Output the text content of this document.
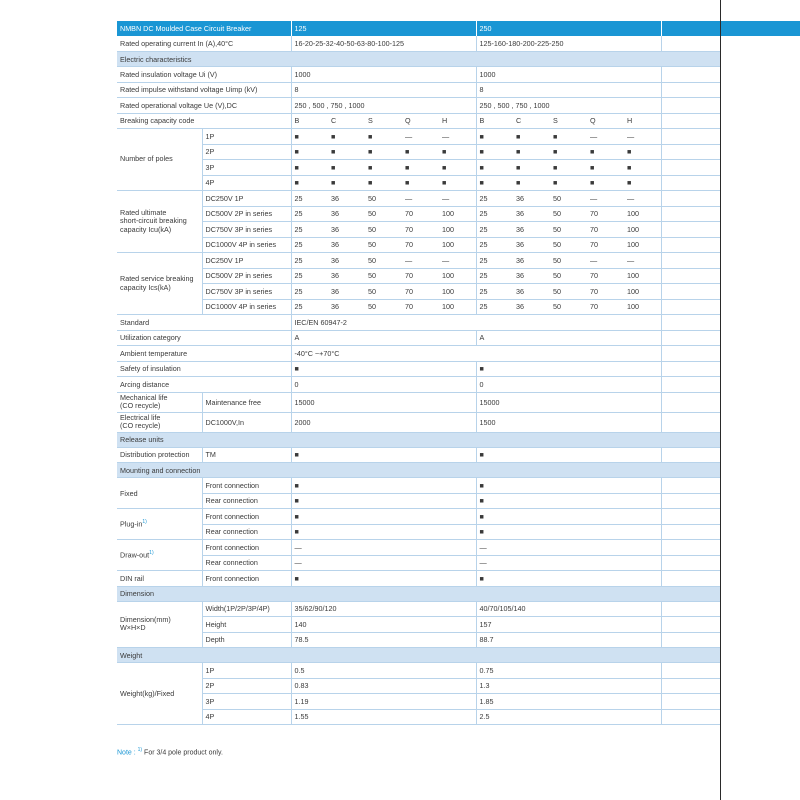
NMBN DC Moulded Case Circuit Breaker		125					250					
Rated operating current In (A),40°C		16-20-25-32-40-50-63-80-100-125					125-160-180-200-225-250					
Electric characteristics												
Rated insulation voltage Ui (V)		1000					1000					
Rated impulse withstand voltage Uimp (kV)		8					8					
Rated operational voltage Ue (V),DC		250 , 500 , 750 , 1000					250 , 500 , 750 , 1000					
Breaking capacity code		B	C	S	Q	H	B	C	S	Q	H	
Number of poles	1P	■	■	■	—	—	■	■	■	—	—	
	2P	■	■	■	■	■	■	■	■	■	■	
	3P	■	■	■	■	■	■	■	■	■	■	
	4P	■	■	■	■	■	■	■	■	■	■	
Rated ultimate
short-circuit breaking
capacity Icu(kA)	DC250V 1P	25	36	50	—	—	25	36	50	—	—	
	DC500V 2P in series	25	36	50	70	100	25	36	50	70	100	
	DC750V 3P in series	25	36	50	70	100	25	36	50	70	100	
	DC1000V 4P in series	25	36	50	70	100	25	36	50	70	100	
Rated service breaking
capacity Ics(kA)	DC250V 1P	25	36	50	—	—	25	36	50	—	—	
	DC500V 2P in series	25	36	50	70	100	25	36	50	70	100	
	DC750V 3P in series	25	36	50	70	100	25	36	50	70	100	
	DC1000V 4P in series	25	36	50	70	100	25	36	50	70	100	
Standard		IEC/EN 60947-2										
Utilization category		A					A					
Ambient temperature		-40°C ~+70°C										
Safety of insulation		■					■					
Arcing distance		0					0					
Mechanical life
(CO recycle)	Maintenance free	15000					15000					
Electrical life
(CO recycle)	DC1000V,In	2000					1500					
Release units												
Distribution protection	TM	■					■					
Mounting and connection												
Fixed	Front connection	■					■					
	Rear connection	■					■					
Plug-$in^{1)}$	Front connection	■					■					
	Rear connection	■					■					
Draw-out$^{1)}$	Front connection	—					—					
	Rear connection	—					—					
DIN rail	Front connection	■					■					
Dimension												
Dimension(mm)
W×H×D	Width(1P/2P/3P/4P)	35/62/90/120					40/70/105/140					
	Height	140					157					
	Depth	78.5					88.7					
Weight												
Weight(kg)/Fixed	1P	0.5					0.75					
	2P	0.83					1.3					
	3P	1.19					1.85					
	4P	1.55					2.5					
Note : $^{1)}$ For 3/4 pole product only.
